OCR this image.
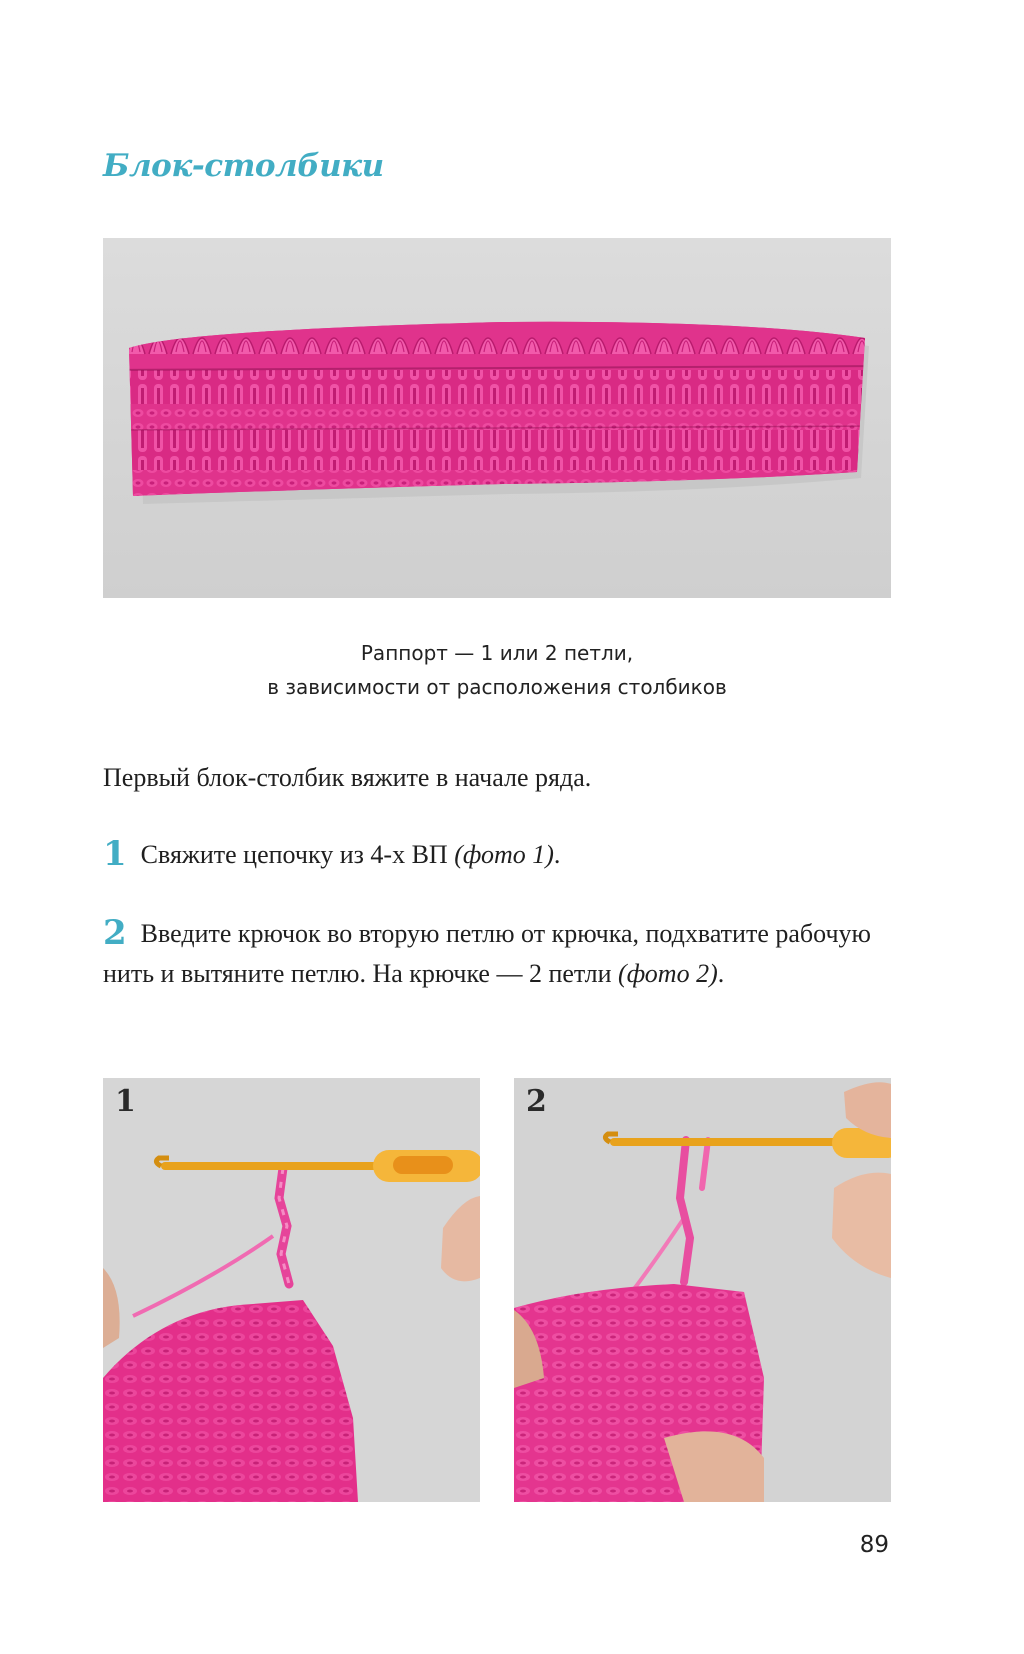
Блок-столбики
Раппорт — 1 или 2 петли,
в зависимости от расположения столбиков
Первый блок-столбик вяжите в начале ряда.
1 Свяжите цепочку из 4-х ВП (фото 1).
2 Введите крючок во вторую петлю от крючка, подхватите рабочую нить и вытяните петлю. На крючке — 2 петли (фото 2).
1	2
89
